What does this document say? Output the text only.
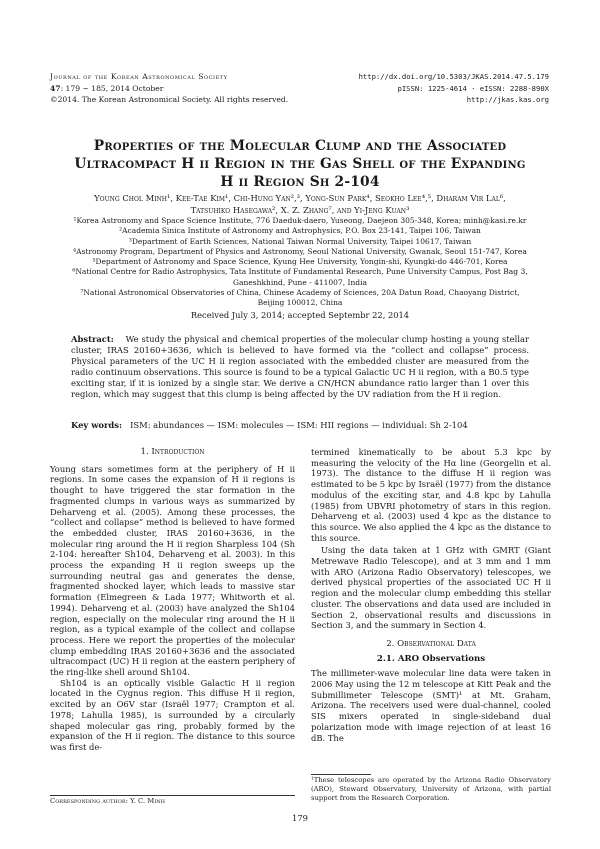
Journal of the Korean Astronomical Society
47: 179 ∼ 185, 2014 October
©2014. The Korean Astronomical Society. All rights reserved.
http://dx.doi.org/10.5303/JKAS.2014.47.5.179
pISSN: 1225-4614 · eISSN: 2288-890X
http://jkas.kas.org
Properties of the Molecular Clump and the Associated
Ultracompact H ii Region in the Gas Shell of the Expanding
H ii Region Sh 2-104
Young Chol Minh¹, Kee-Tae Kim¹, Chi-Hung Yan²,³, Yong-Sun Park⁴, Seokho Lee⁴,⁵, Dharam Vir Lal⁶,
Tatsuhiko Hasegawa², X. Z. Zhang⁷, and Yi-Jeng Kuan³
¹Korea Astronomy and Space Science Institute, 776 Daeduk-daero, Yuseong, Daejeon 305-348, Korea; minh@kasi.re.kr
²Academia Sinica Institute of Astronomy and Astrophysics, P.O. Box 23-141, Taipei 106, Taiwan
³Department of Earth Sciences, National Taiwan Normal University, Taipei 10617, Taiwan
⁴Astronomy Program, Department of Physics and Astronomy, Seoul National University, Gwanak, Seoul 151-747, Korea
⁵Department of Astronomy and Space Science, Kyung Hee University, Yongin-shi, Kyungki-do 446-701, Korea
⁶National Centre for Radio Astrophysics, Tata Institute of Fundamental Research, Pune University Campus, Post Bag 3,
Ganeshkhind, Pune - 411007, India
⁷National Astronomical Observatories of China, Chinese Academy of Sciences, 20A Datun Road, Chaoyang District,
Beijing 100012, China
Received July 3, 2014; accepted Septembr 22, 2014
Abstract: We study the physical and chemical properties of the molecular clump hosting a young stellar cluster, IRAS 20160+3636, which is believed to have formed via the “collect and collapse” process. Physical parameters of the UC H ii region associated with the embedded cluster are measured from the radio continuum observations. This source is found to be a typical Galactic UC H ii region, with a B0.5 type exciting star, if it is ionized by a single star. We derive a CN/HCN abundance ratio larger than 1 over this region, which may suggest that this clump is being affected by the UV radiation from the H ii region.
Key words: ISM: abundances — ISM: molecules — ISM: HII regions — individual: Sh 2-104
1. Introduction

Young stars sometimes form at the periphery of H ii regions. In some cases the expansion of H ii regions is thought to have triggered the star formation in the fragmented clumps in various ways as summarized by Deharveng et al. (2005). Among these processes, the “collect and collapse” method is believed to have formed the embedded cluster, IRAS 20160+3636, in the molecular ring around the H ii region Sharpless 104 (Sh 2-104: hereafter Sh104, Deharveng et al. 2003). In this process the expanding H ii region sweeps up the surrounding neutral gas and generates the dense, fragmented shocked layer, which leads to massive star formation (Elmegreen & Lada 1977; Whitworth et al. 1994). Deharveng et al. (2003) have analyzed the Sh104 region, especially on the molecular ring around the H ii region, as a typical example of the collect and collapse process. Here we report the properties of the molecular clump embedding IRAS 20160+3636 and the associated ultracompact (UC) H ii region at the eastern periphery of the ring-like shell around Sh104.

Sh104 is an optically visible Galactic H ii region located in the Cygnus region. This diffuse H ii region, excited by an O6V star (Israël 1977; Crampton et al. 1978; Lahulla 1985), is surrounded by a circularly shaped molecular gas ring, probably formed by the expansion of the H ii region. The distance to this source was first de-

termined kinematically to be about 5.3 kpc by measuring the velocity of the Hα line (Georgelin et al. 1973). The distance to the diffuse H ii region was estimated to be 5 kpc by Israël (1977) from the distance modulus of the exciting star, and 4.8 kpc by Lahulla (1985) from UBVRI photometry of stars in this region. Deharveng et al. (2003) used 4 kpc as the distance to this source. We also applied the 4 kpc as the distance to this source.

Using the data taken at 1 GHz with GMRT (Giant Metrewave Radio Telescope), and at 3 mm and 1 mm with ARO (Arizona Radio Observatory) telescopes, we derived physical properties of the associated UC H ii region and the molecular clump embedding this stellar cluster. The observations and data used are included in Section 2, observational results and discussions in Section 3, and the summary in Section 4.

2. Observational Data
2.1. ARO Observations

The millimeter-wave molecular line data were taken in 2006 May using the 12 m telescope at Kitt Peak and the Submillimeter Telescope (SMT)¹ at Mt. Graham, Arizona. The receivers used were dual-channel, cooled SIS mixers operated in single-sideband dual polarization mode with image rejection of at least 16 dB. The

¹These telescopes are operated by the Arizona Radio Observatory (ARO), Steward Observatory, University of Arizona, with partial support from the Research Corporation.
Corresponding author: Y. C. Minh
179
